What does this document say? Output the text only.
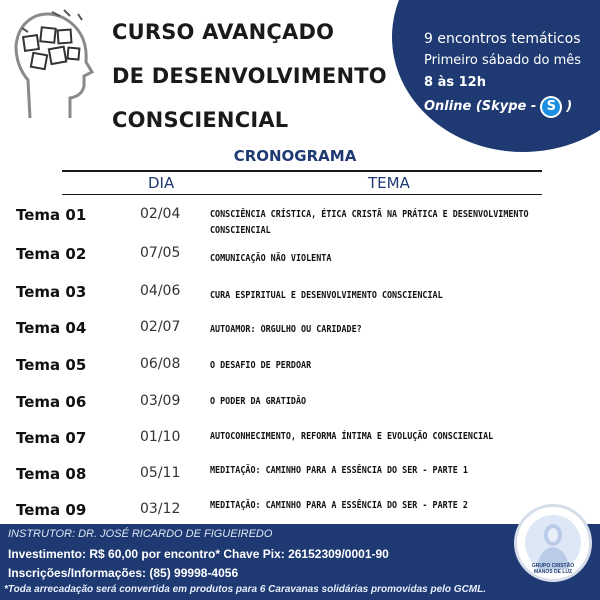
CURSO AVANÇADO
DE DESENVOLVIMENTO
CONSCIENCIAL
9 encontros temáticos
Primeiro sábado do mês
8 às 12h
Online (Skype - S )
CRONOGRAMA
DIA	TEMA
Tema 01	02/04	CONSCIÊNCIA CRÍSTICA, ÉTICA CRISTÃ NA PRÁTICA E DESENVOLVIMENTO CONSCIENCIAL
Tema 02	07/05	COMUNICAÇÃO NÃO VIOLENTA
Tema 03	04/06	CURA ESPIRITUAL E DESENVOLVIMENTO CONSCIENCIAL
Tema 04	02/07	AUTOAMOR: ORGULHO OU CARIDADE?
Tema 05	06/08	O DESAFIO DE PERDOAR
Tema 06	03/09	O PODER DA GRATIDÃO
Tema 07	01/10	AUTOCONHECIMENTO, REFORMA ÍNTIMA E EVOLUÇÃO CONSCIENCIAL
Tema 08	05/11	MEDITAÇÃO: CAMINHO PARA A ESSÊNCIA DO SER - PARTE 1
Tema 09	03/12	MEDITAÇÃO: CAMINHO PARA A ESSÊNCIA DO SER - PARTE 2
INSTRUTOR: DR. JOSÉ RICARDO DE FIGUEIREDO
Investimento: R$ 60,00 por encontro* Chave Pix: 26152309/0001-90
Inscrições/Informações: (85) 99998-4056
*Toda arrecadação será convertida em produtos para 6 Caravanas solidárias promovidas pelo GCML.
GRUPO CRISTÃO MANOS DE LUZ
